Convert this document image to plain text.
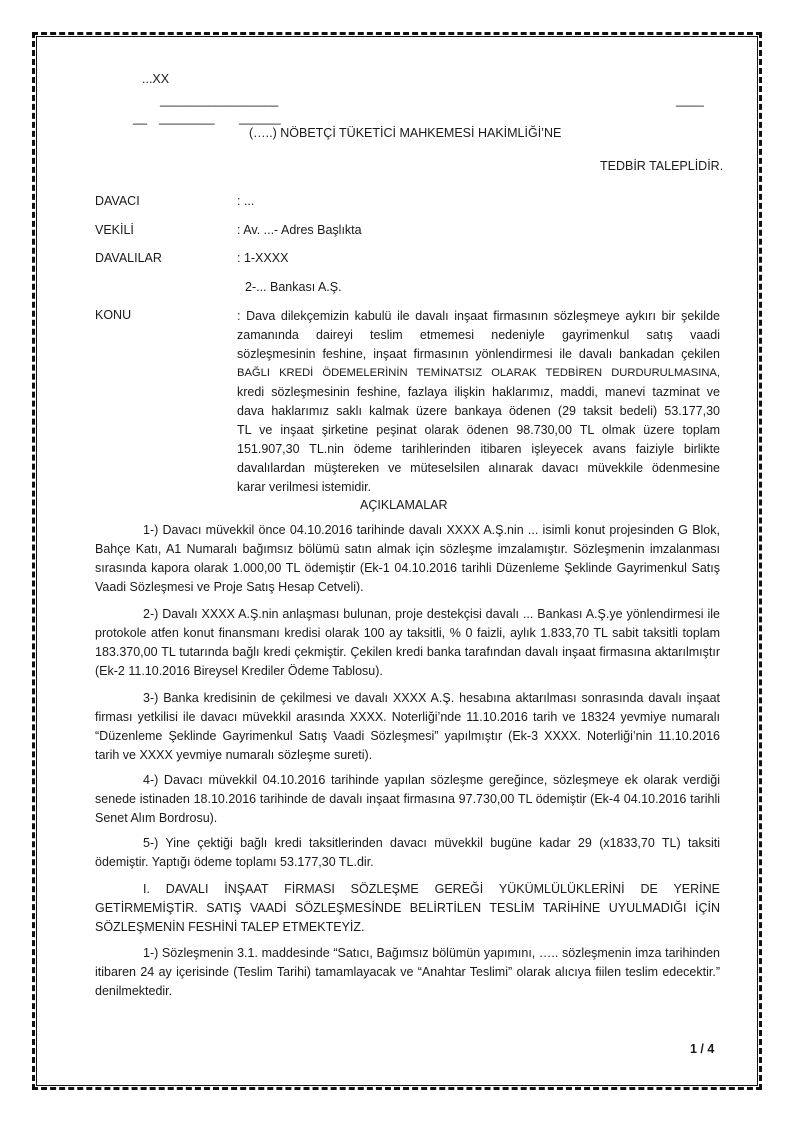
...XX
_________________	____
__ ________ ______
(…..) NÖBETÇİ TÜKETİCİ MAHKEMESİ HAKİMLİĞİ’NE
TEDBİR TALEPLİDİR.
DAVACI	: ...
VEKİLİ	: Av. ...- Adres Başlıkta
DAVALILAR	: 1-XXXX
2-... Bankası A.Ş.
KONU	: Dava dilekçemizin kabulü ile davalı inşaat firmasının sözleşmeye aykırı bir şekilde
zamanında daireyi teslim etmemesi nedeniyle gayrimenkul satış vaadi
sözleşmesinin feshine, inşaat firmasının yönlendirmesi ile davalı bankadan çekilen
BAĞLI KREDİ ÖDEMELERİNİN TEMİNATSIZ OLARAK TEDBİREN DURDURULMASINA,
kredi sözleşmesinin feshine, fazlaya ilişkin haklarımız, maddi, manevi tazminat ve
dava haklarımız saklı kalmak üzere bankaya ödenen (29 taksit bedeli) 53.177,30
TL ve inşaat şirketine peşinat olarak ödenen 98.730,00 TL olmak üzere toplam
151.907,30 TL.nin ödeme tarihlerinden itibaren işleyecek avans faiziyle birlikte
davalılardan müştereken ve müteselsilen alınarak davacı müvekkile ödenmesine
karar verilmesi istemidir.
AÇIKLAMALAR

1-) Davacı müvekkil önce 04.10.2016 tarihinde davalı XXXX A.Ş.nin ... isimli konut projesinden G Blok, Bahçe Katı, A1 Numaralı bağımsız bölümü satın almak için sözleşme imzalamıştır. Sözleşmenin imzalanması sırasında kapora olarak 1.000,00 TL ödemiştir (Ek-1 04.10.2016 tarihli Düzenleme Şeklinde Gayrimenkul Satış Vaadi Sözleşmesi ve Proje Satış Hesap Cetveli).

2-) Davalı XXXX A.Ş.nin anlaşması bulunan, proje destekçisi davalı ... Bankası A.Ş.ye yönlendirmesi ile protokole atfen konut finansmanı kredisi olarak 100 ay taksitli, % 0 faizli, aylık 1.833,70 TL sabit taksitli toplam 183.370,00 TL tutarında bağlı kredi çekmiştir. Çekilen kredi banka tarafından davalı inşaat firmasına aktarılmıştır (Ek-2 11.10.2016 Bireysel Krediler Ödeme Tablosu).

3-) Banka kredisinin de çekilmesi ve davalı XXXX A.Ş. hesabına aktarılması sonrasında davalı inşaat firması yetkilisi ile davacı müvekkil arasında XXXX. Noterliği’nde 11.10.2016 tarih ve 18324 yevmiye numaralı “Düzenleme Şeklinde Gayrimenkul Satış Vaadi Sözleşmesi” yapılmıştır (Ek-3 XXXX. Noterliği’nin 11.10.2016 tarih ve XXXX yevmiye numaralı sözleşme sureti).

4-) Davacı müvekkil 04.10.2016 tarihinde yapılan sözleşme gereğince, sözleşmeye ek olarak verdiği senede istinaden 18.10.2016 tarihinde de davalı inşaat firmasına 97.730,00 TL ödemiştir (Ek-4 04.10.2016 tarihli Senet Alım Bordrosu).

5-) Yine çektiği bağlı kredi taksitlerinden davacı müvekkil bugüne kadar 29 (x1833,70 TL) taksiti ödemiştir. Yaptığı ödeme toplamı 53.177,30 TL.dir.

I. DAVALI İNŞAAT FİRMASI SÖZLEŞME GEREĞİ YÜKÜMLÜLÜKLERİNİ DE YERİNE GETİRMEMİŞTİR. SATIŞ VAADİ SÖZLEŞMESİNDE BELİRTİLEN TESLİM TARİHİNE UYULMADIĞI İÇİN SÖZLEŞMENİN FESHİNİ TALEP ETMEKTEYİZ.

1-) Sözleşmenin 3.1. maddesinde “Satıcı, Bağımsız bölümün yapımını, ….. sözleşmenin imza tarihinden itibaren 24 ay içerisinde (Teslim Tarihi) tamamlayacak ve “Anahtar Teslimi” olarak alıcıya fiilen teslim edecektir.” denilmektedir.

1 / 4
